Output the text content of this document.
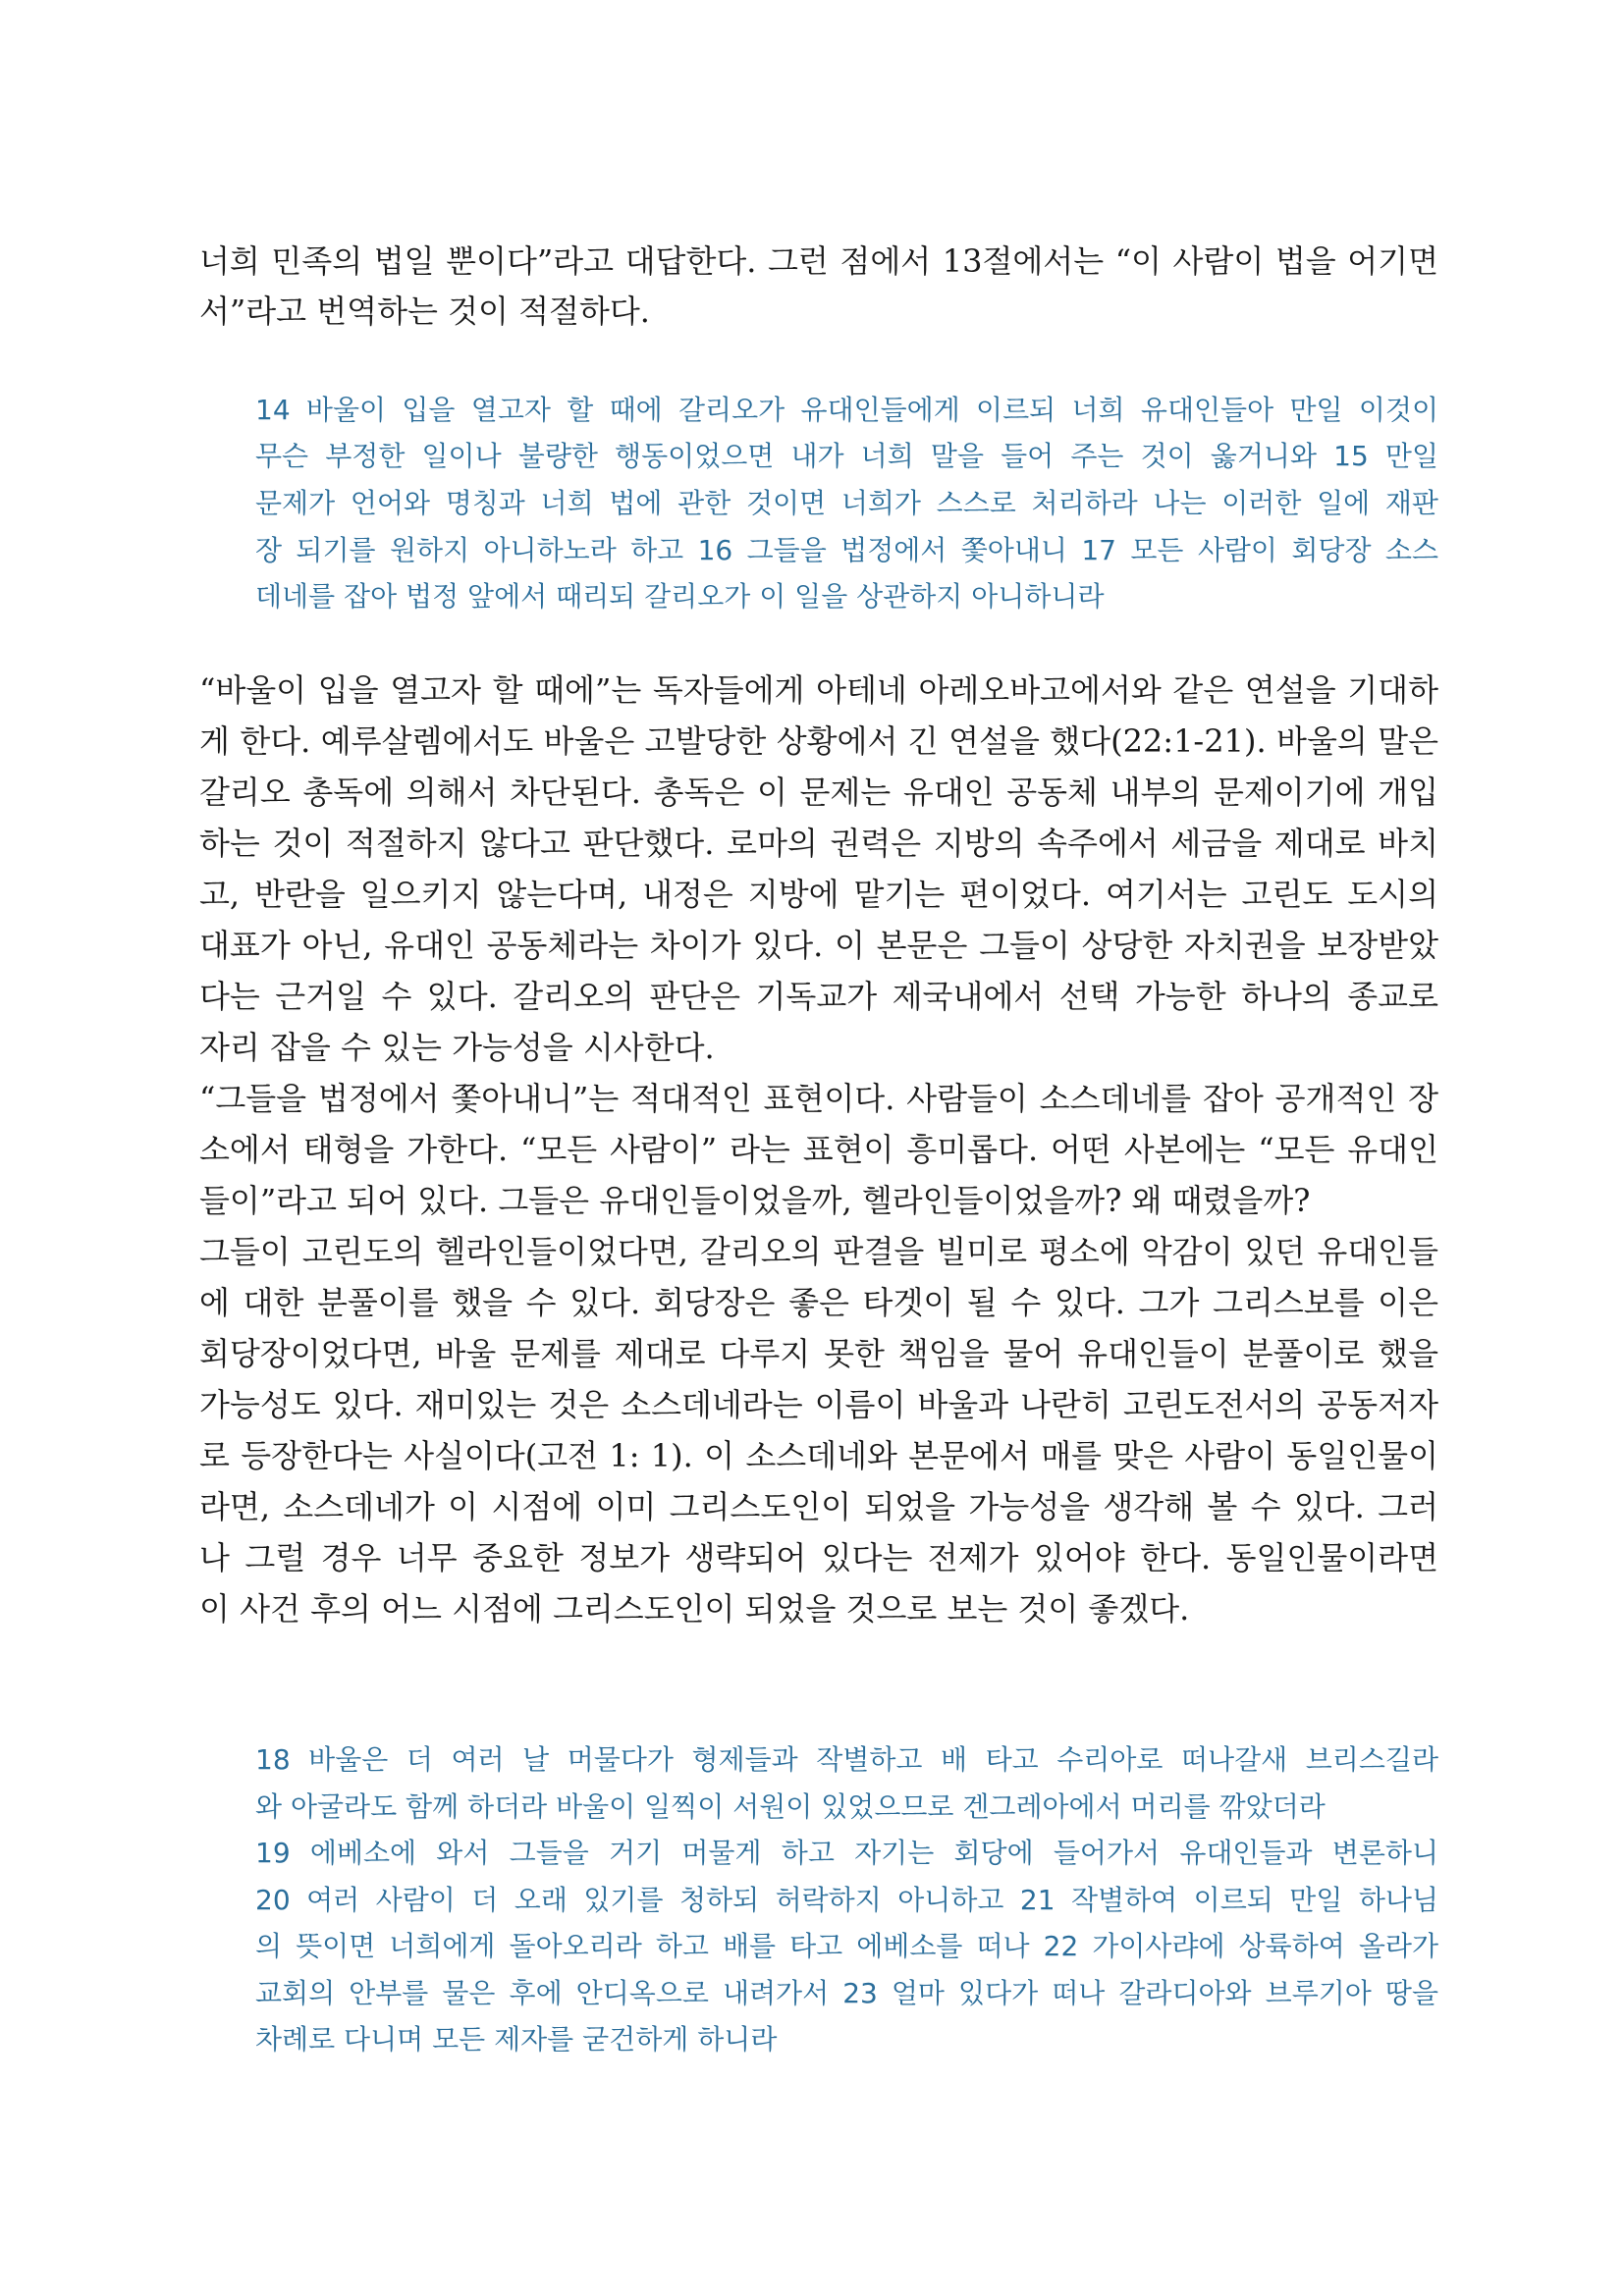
너희 민족의 법일 뿐이다”라고 대답한다. 그런 점에서 13절에서는 “이 사람이 법을 어기면

서”라고 번역하는 것이 적절하다.

14 바울이 입을 열고자 할 때에 갈리오가 유대인들에게 이르되 너희 유대인들아 만일 이것이

무슨 부정한 일이나 불량한 행동이었으면 내가 너희 말을 들어 주는 것이 옳거니와 15 만일

문제가 언어와 명칭과 너희 법에 관한 것이면 너희가 스스로 처리하라 나는 이러한 일에 재판

장 되기를 원하지 아니하노라 하고 16 그들을 법정에서 쫓아내니 17 모든 사람이 회당장 소스

데네를 잡아 법정 앞에서 때리되 갈리오가 이 일을 상관하지 아니하니라

“바울이 입을 열고자 할 때에”는 독자들에게 아테네 아레오바고에서와 같은 연설을 기대하

게 한다. 예루살렘에서도 바울은 고발당한 상황에서 긴 연설을 했다(22:1-21). 바울의 말은

갈리오 총독에 의해서 차단된다. 총독은 이 문제는 유대인 공동체 내부의 문제이기에 개입

하는 것이 적절하지 않다고 판단했다. 로마의 권력은 지방의 속주에서 세금을 제대로 바치

고, 반란을 일으키지 않는다며, 내정은 지방에 맡기는 편이었다. 여기서는 고린도 도시의

대표가 아닌, 유대인 공동체라는 차이가 있다. 이 본문은 그들이 상당한 자치권을 보장받았

다는 근거일 수 있다. 갈리오의 판단은 기독교가 제국내에서 선택 가능한 하나의 종교로

자리 잡을 수 있는 가능성을 시사한다.

“그들을 법정에서 쫓아내니”는 적대적인 표현이다. 사람들이 소스데네를 잡아 공개적인 장

소에서 태형을 가한다. “모든 사람이” 라는 표현이 흥미롭다. 어떤 사본에는 “모든 유대인

들이”라고 되어 있다. 그들은 유대인들이었을까, 헬라인들이었을까? 왜 때렸을까?

그들이 고린도의 헬라인들이었다면, 갈리오의 판결을 빌미로 평소에 악감이 있던 유대인들

에 대한 분풀이를 했을 수 있다. 회당장은 좋은 타겟이 될 수 있다. 그가 그리스보를 이은

회당장이었다면, 바울 문제를 제대로 다루지 못한 책임을 물어 유대인들이 분풀이로 했을

가능성도 있다. 재미있는 것은 소스데네라는 이름이 바울과 나란히 고린도전서의 공동저자

로 등장한다는 사실이다(고전 1: 1). 이 소스데네와 본문에서 매를 맞은 사람이 동일인물이

라면, 소스데네가 이 시점에 이미 그리스도인이 되었을 가능성을 생각해 볼 수 있다. 그러

나 그럴 경우 너무 중요한 정보가 생략되어 있다는 전제가 있어야 한다. 동일인물이라면

이 사건 후의 어느 시점에 그리스도인이 되었을 것으로 보는 것이 좋겠다.

18 바울은 더 여러 날 머물다가 형제들과 작별하고 배 타고 수리아로 떠나갈새 브리스길라

와 아굴라도 함께 하더라 바울이 일찍이 서원이 있었으므로 겐그레아에서 머리를 깎았더라

19 에베소에 와서 그들을 거기 머물게 하고 자기는 회당에 들어가서 유대인들과 변론하니

20 여러 사람이 더 오래 있기를 청하되 허락하지 아니하고 21 작별하여 이르되 만일 하나님

의 뜻이면 너희에게 돌아오리라 하고 배를 타고 에베소를 떠나 22 가이사랴에 상륙하여 올라가

교회의 안부를 물은 후에 안디옥으로 내려가서 23 얼마 있다가 떠나 갈라디아와 브루기아 땅을

차례로 다니며 모든 제자를 굳건하게 하니라
